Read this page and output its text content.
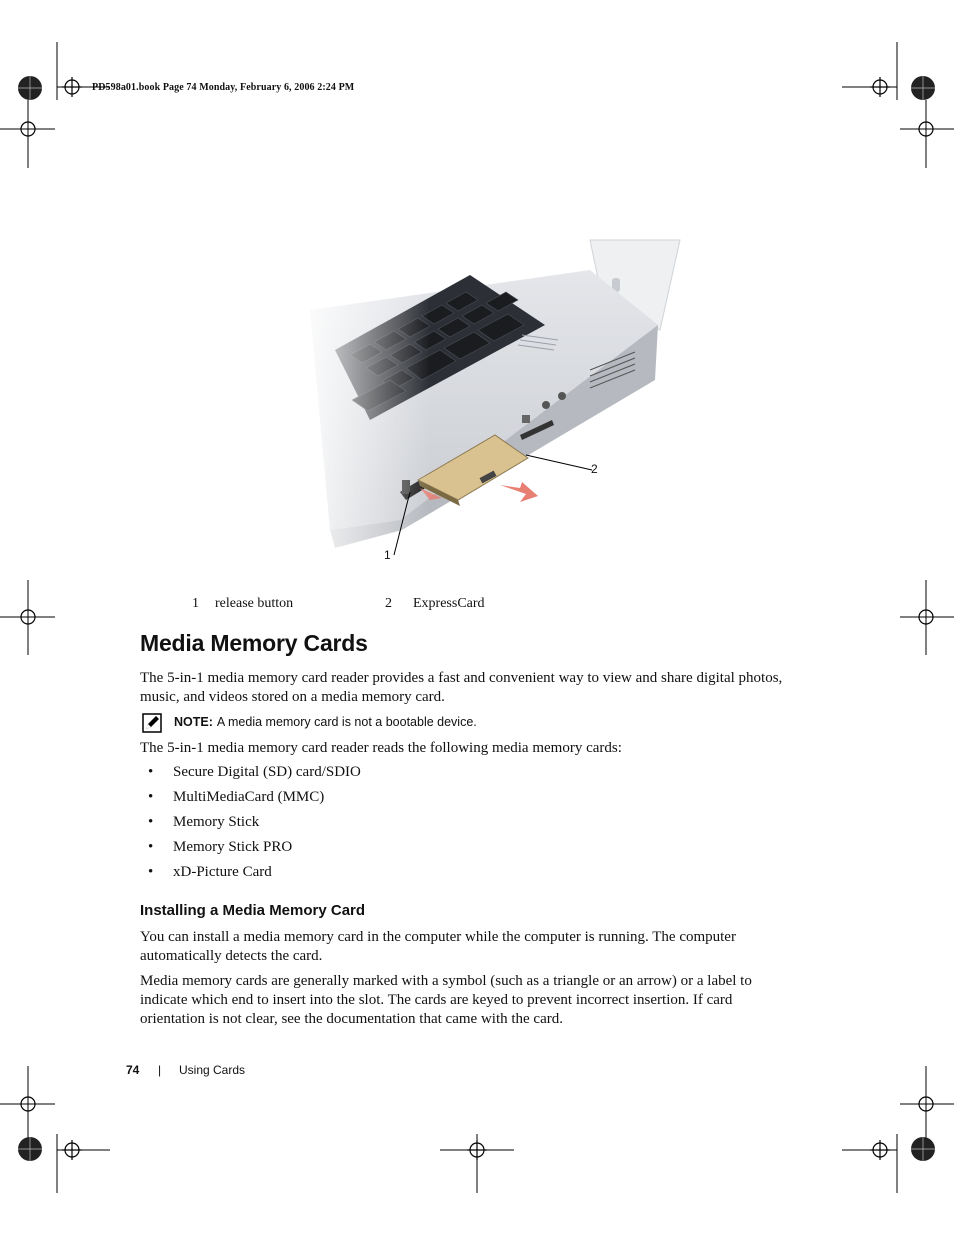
PD598a01.book Page 74 Monday, February 6, 2006 2:24 PM
2
1
1 release button	2 ExpressCard
Media Memory Cards

The 5-in-1 media memory card reader provides a fast and convenient way to view and share digital photos, music, and videos stored on a media memory card.

NOTE: A media memory card is not a bootable device.

The 5-in-1 media memory card reader reads the following media memory cards:

•	Secure Digital (SD) card/SDIO
•	MultiMediaCard (MMC)
•	Memory Stick
•	Memory Stick PRO
•	xD-Picture Card
Installing a Media Memory Card

You can install a media memory card in the computer while the computer is running. The computer automatically detects the card.

Media memory cards are generally marked with a symbol (such as a triangle or an arrow) or a label to indicate which end to insert into the slot. The cards are keyed to prevent incorrect insertion. If card orientation is not clear, see the documentation that came with the card.

74 | Using Cards
